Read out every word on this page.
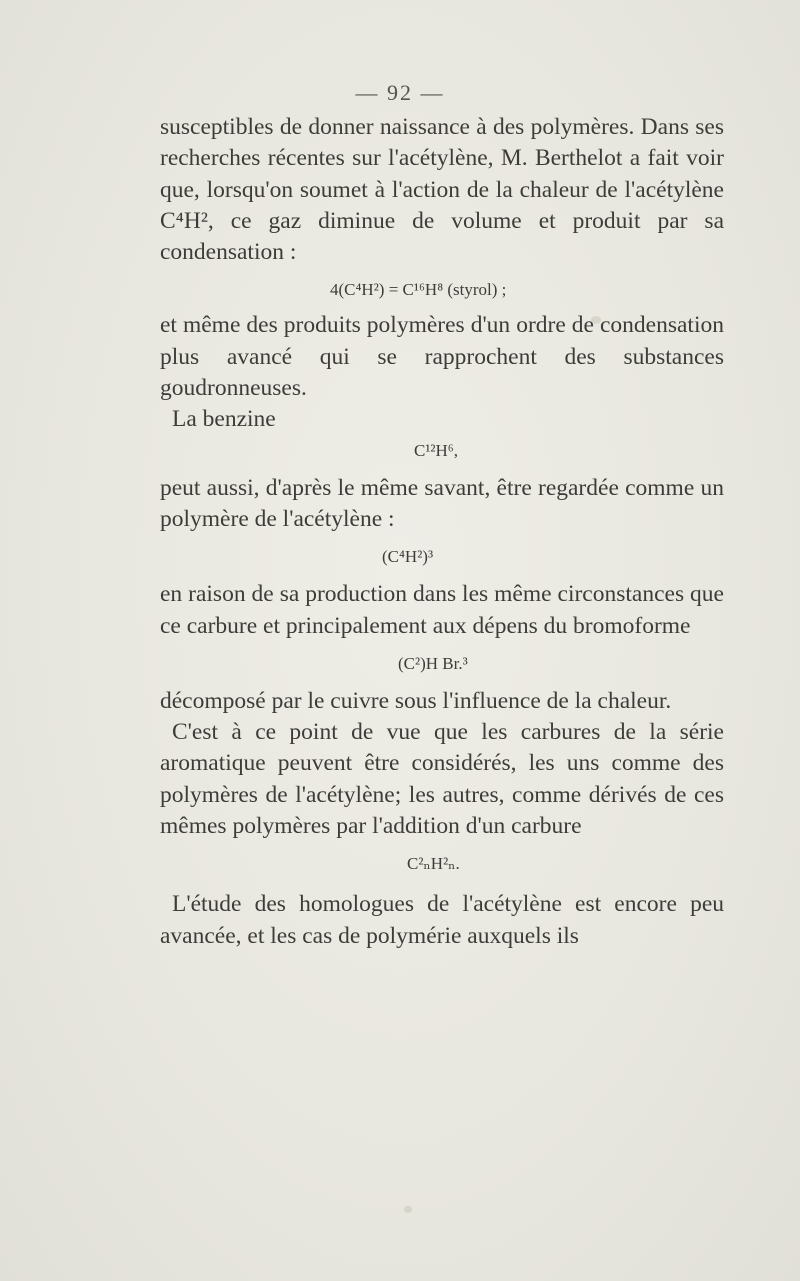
— 92 —

susceptibles de donner naissance à des polymères. Dans ses recherches récentes sur l'acétylène, M. Berthelot a fait voir que, lorsqu'on soumet à l'action de la chaleur de l'acétylène C⁴H², ce gaz diminue de volume et produit par sa condensation :

4(C⁴H²) = C¹⁶H⁸ (styrol) ;

et même des produits polymères d'un ordre de condensation plus avancé qui se rapprochent des substances goudronneuses.

La benzine

C¹²H⁶,

peut aussi, d'après le même savant, être regardée comme un polymère de l'acétylène :

(C⁴H²)³

en raison de sa production dans les même circonstances que ce carbure et principalement aux dépens du bromoforme

(C²)H Br.³

décomposé par le cuivre sous l'influence de la chaleur.

C'est à ce point de vue que les carbures de la série aromatique peuvent être considérés, les uns comme des polymères de l'acétylène; les autres, comme dérivés de ces mêmes polymères par l'addition d'un carbure

C²ₙH²ₙ.

L'étude des homologues de l'acétylène est encore peu avancée, et les cas de polymérie auxquels ils
